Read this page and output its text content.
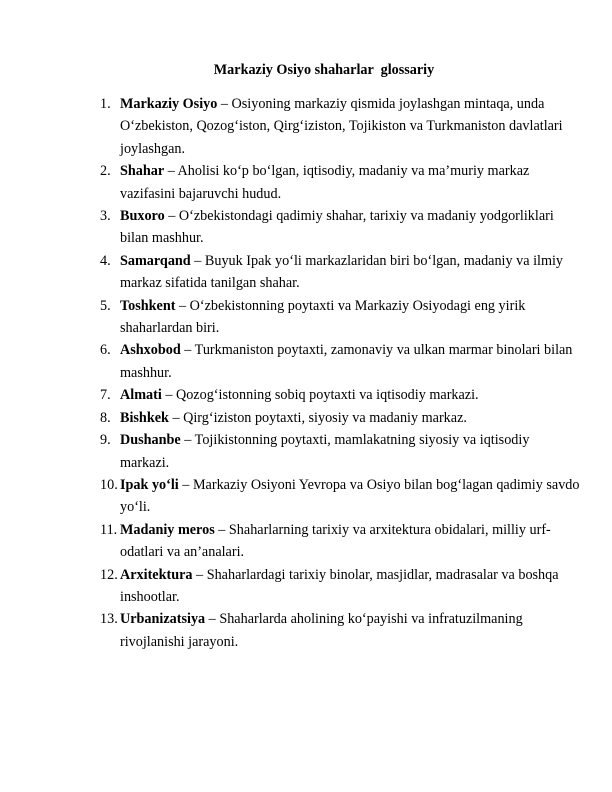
Markaziy Osiyo shaharlar  glossariy
1. Markaziy Osiyo – Osiyoning markaziy qismida joylashgan mintaqa, unda O‘zbekiston, Qozog‘iston, Qirg‘iziston, Tojikiston va Turkmaniston davlatlari joylashgan.
2. Shahar – Aholisi ko‘p bo‘lgan, iqtisodiy, madaniy va ma’muriy markaz vazifasini bajaruvchi hudud.
3. Buxoro – O‘zbekistondagi qadimiy shahar, tarixiy va madaniy yodgorliklari bilan mashhur.
4. Samarqand – Buyuk Ipak yo‘li markazlaridan biri bo‘lgan, madaniy va ilmiy markaz sifatida tanilgan shahar.
5. Toshkent – O‘zbekistonning poytaxti va Markaziy Osiyodagi eng yirik shaharlardan biri.
6. Ashxobod – Turkmaniston poytaxti, zamonaviy va ulkan marmar binolari bilan mashhur.
7. Almati – Qozog‘istonning sobiq poytaxti va iqtisodiy markazi.
8. Bishkek – Qirg‘iziston poytaxti, siyosiy va madaniy markaz.
9. Dushanbe – Tojikistonning poytaxti, mamlakatning siyosiy va iqtisodiy markazi.
10. Ipak yo‘li – Markaziy Osiyoni Yevropa va Osiyo bilan bog‘lagan qadimiy savdo yo‘li.
11. Madaniy meros – Shaharlarning tarixiy va arxitektura obidalari, milliy urf-odatlari va an’analari.
12. Arxitektura – Shaharlardagi tarixiy binolar, masjidlar, madrasalar va boshqa inshootlar.
13. Urbanizatsiya – Shaharlarda aholining ko‘payishi va infratuzilmaning rivojlanishi jarayoni.
